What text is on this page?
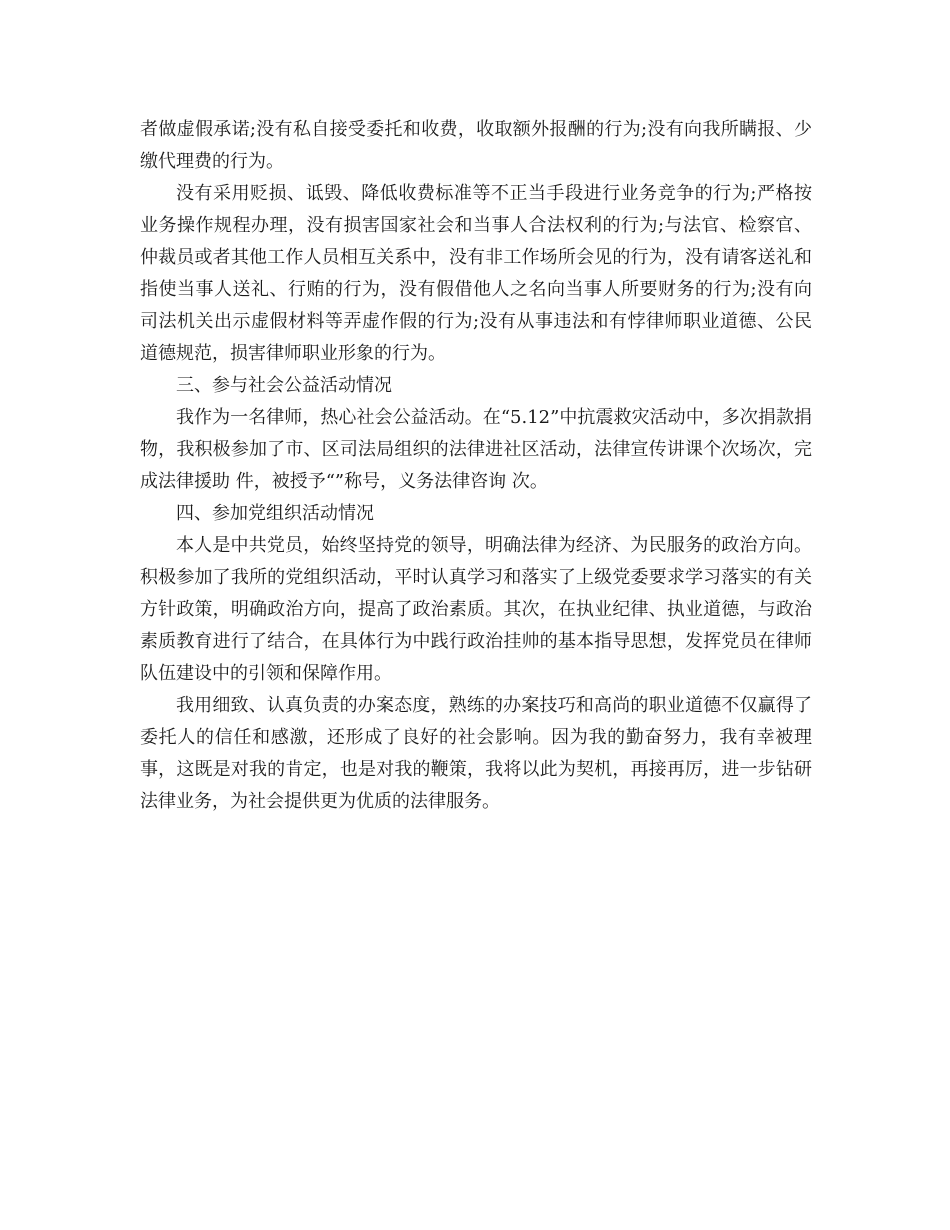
者做虚假承诺;没有私自接受委托和收费，收取额外报酬的行为;没有向我所瞒报、少缴代理费的行为。

没有采用贬损、诋毁、降低收费标准等不正当手段进行业务竞争的行为;严格按业务操作规程办理，没有损害国家社会和当事人合法权利的行为;与法官、检察官、仲裁员或者其他工作人员相互关系中，没有非工作场所会见的行为，没有请客送礼和指使当事人送礼、行贿的行为，没有假借他人之名向当事人所要财务的行为;没有向司法机关出示虚假材料等弄虚作假的行为;没有从事违法和有悖律师职业道德、公民道德规范，损害律师职业形象的行为。

三、参与社会公益活动情况

我作为一名律师，热心社会公益活动。在“5.12”中抗震救灾活动中，多次捐款捐物，我积极参加了市、区司法局组织的法律进社区活动，法律宣传讲课个次场次，完成法律援助 件，被授予“”称号，义务法律咨询 次。

四、参加党组织活动情况

本人是中共党员，始终坚持党的领导，明确法律为经济、为民服务的政治方向。积极参加了我所的党组织活动，平时认真学习和落实了上级党委要求学习落实的有关方针政策，明确政治方向，提高了政治素质。其次，在执业纪律、执业道德，与政治素质教育进行了结合，在具体行为中践行政治挂帅的基本指导思想，发挥党员在律师队伍建设中的引领和保障作用。

我用细致、认真负责的办案态度，熟练的办案技巧和高尚的职业道德不仅赢得了委托人的信任和感激，还形成了良好的社会影响。因为我的勤奋努力，我有幸被理事，这既是对我的肯定，也是对我的鞭策，我将以此为契机，再接再厉，进一步钻研法律业务，为社会提供更为优质的法律服务。
